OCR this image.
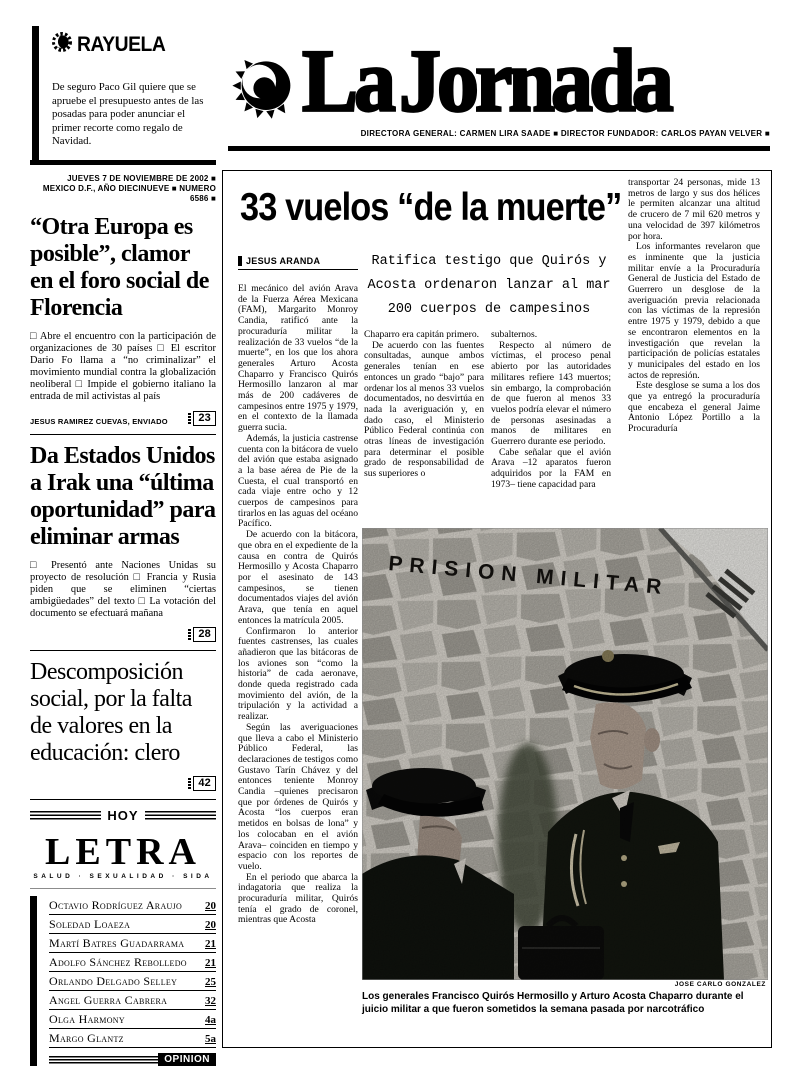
RAYUELA
De seguro Paco Gil quiere que se apruebe el presupuesto antes de las posadas para poder anunciar el primer recorte como regalo de Navidad.
La Jornada
DIRECTORA GENERAL: CARMEN LIRA SAADE ■ DIRECTOR FUNDADOR: CARLOS PAYAN VELVER ■
JUEVES 7 DE NOVIEMBRE DE 2002 ■
MEXICO D.F., AÑO DIECINUEVE ■ NUMERO 6586 ■
“Otra Europa es posible”, clamor en el foro social de Florencia
□ Abre el encuentro con la participación de organizaciones de 30 países □ El escritor Dario Fo llama a “no criminalizar” el movimiento mundial contra la globalización neoliberal □ Impide el gobierno italiano la entrada de mil activistas al país
JESUS RAMIREZ CUEVAS, ENVIADO	23
Da Estados Unidos a Irak una “última oportunidad” para eliminar armas
□ Presentó ante Naciones Unidas su proyecto de resolución □ Francia y Rusia piden que se eliminen “ciertas ambigüedades” del texto □ La votación del documento se efectuará mañana
28
Descomposición social, por la falta de valores en la educación: clero
42
HOY
LETRA
SALUD · SEXUALIDAD · SIDA
Octavio Rodríguez Araujo 20
Soledad Loaeza	20
Martí Batres Guadarrama 21
Adolfo Sánchez Rebolledo 21
Orlando Delgado Selley	25
Angel Guerra Cabrera	32
Olga Harmony	4a
Margo Glantz	5a
OPINION
33 vuelos “de la muerte”
JESUS ARANDA	Ratifica testigo que Quirós y Acosta ordenaron lanzar al mar 200 cuerpos de campesinos

El mecánico del avión Arava de la Fuerza Aérea Mexicana (FAM), Margarito Monroy Candia, ratificó ante la procuraduría militar la realización de 33 vuelos “de la muerte”, en los que los ahora generales Arturo Acosta Chaparro y Francisco Quirós Hermosillo lanzaron al mar más de 200 cadáveres de campesinos entre 1975 y 1979, en el contexto de la llamada guerra sucia.

Además, la justicia castrense cuenta con la bitácora de vuelo del avión que estaba asignado a la base aérea de Pie de la Cuesta, el cual transportó en cada viaje entre ocho y 12 cuerpos de campesinos para tirarlos en las aguas del océano Pacífico.

De acuerdo con la bitácora, que obra en el expediente de la causa en contra de Quirós Hermosillo y Acosta Chaparro por el asesinato de 143 campesinos, se tienen documentados viajes del avión Arava, que tenía en aquel entonces la matrícula 2005.

Confirmaron lo anterior fuentes castrenses, las cuales añadieron que las bitácoras de los aviones son “como la historia” de cada aeronave, donde queda registrado cada movimiento del avión, de la tripulación y la actividad a realizar.

Según las averiguaciones que lleva a cabo el Ministerio Público Federal, las declaraciones de testigos como Gustavo Tarín Chávez y del entonces teniente Monroy Candia –quienes precisaron que por órdenes de Quirós y Acosta “los cuerpos eran metidos en bolsas de lona” y los colocaban en el avión Arava– coinciden en tiempo y espacio con los reportes de vuelo.

En el periodo que abarca la indagatoria que realiza la procuraduría militar, Quirós tenía el grado de coronel, mientras que Acosta

Chaparro era capitán primero.

De acuerdo con las fuentes consultadas, aunque ambos generales tenían en ese entonces un grado “bajo” para ordenar los al menos 33 vuelos documentados, no desvirtúa en nada la averiguación y, en dado caso, el Ministerio Público Federal continúa con otras líneas de investigación para determinar el posible grado de responsabilidad de sus superiores o

subalternos.

Respecto al número de víctimas, el proceso penal abierto por las autoridades militares refiere 143 muertos; sin embargo, la comprobación de que fueron al menos 33 vuelos podría elevar el número de personas asesinadas a manos de militares en Guerrero durante ese periodo.

Cabe señalar que el avión Arava –12 aparatos fueron adquiridos por la FAM en 1973– tiene capacidad para

transportar 24 personas, mide 13 metros de largo y sus dos hélices le permiten alcanzar una altitud de crucero de 7 mil 620 metros y una velocidad de 397 kilómetros por hora.

Los informantes revelaron que es inminente que la justicia militar envíe a la Procuraduría General de Justicia del Estado de Guerrero un desglose de la averiguación previa relacionada con las víctimas de la represión entre 1975 y 1979, debido a que se encontraron elementos en la investigación que revelan la participación de policías estatales y municipales del estado en los actos de represión.

Este desglose se suma a los dos que ya entregó la procuraduría que encabeza el general Jaime Antonio López Portillo a la Procuraduría

PRISION MILITAR
JOSE CARLO GONZALEZ
Los generales Francisco Quirós Hermosillo y Arturo Acosta Chaparro durante el juicio militar a que fueron sometidos la semana pasada por narcotráfico
